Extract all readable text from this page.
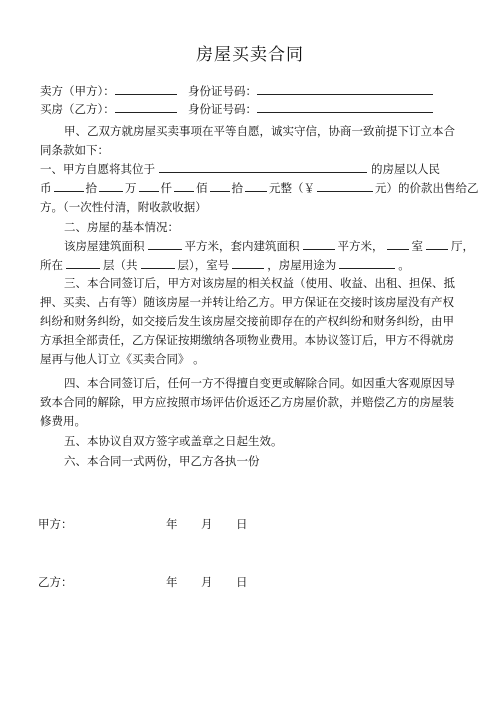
房屋买卖合同
卖方（甲方）：	身份证号码：
买房（乙方）：	身份证号码：
甲、乙双方就房屋买卖事项在平等自愿，诚实守信，协商一致前提下订立本合
同条款如下：
一、甲方自愿将其位于	的房屋以人民
币	拾 万 仟 佰 拾 元整（￥	元）的价款出售给乙
方。（一次性付清，附收款收据）
二、房屋的基本情况：
该房屋建筑面积	平方米，套内建筑面积	平方米， 室 厅，
所在	层（共	层），室号	，房屋用途为	。
三、本合同签订后，甲方对该房屋的相关权益（使用、收益、出租、担保、抵
押、买卖、占有等）随该房屋一并转让给乙方。甲方保证在交接时该房屋没有产权
纠纷和财务纠纷，如交接后发生该房屋交接前即存在的产权纠纷和财务纠纷，由甲
方承担全部责任，乙方保证按期缴纳各项物业费用。本协议签订后，甲方不得就房
屋再与他人订立《买卖合同》 。
四、本合同签订后，任何一方不得擅自变更或解除合同。如因重大客观原因导
致本合同的解除，甲方应按照市场评估价返还乙方房屋价款，并赔偿乙方的房屋装
修费用。
五、本协议自双方签字或盖章之日起生效。
六、本合同一式两份，甲乙方各执一份
甲方：	年 月 日
乙方：	年 月 日
